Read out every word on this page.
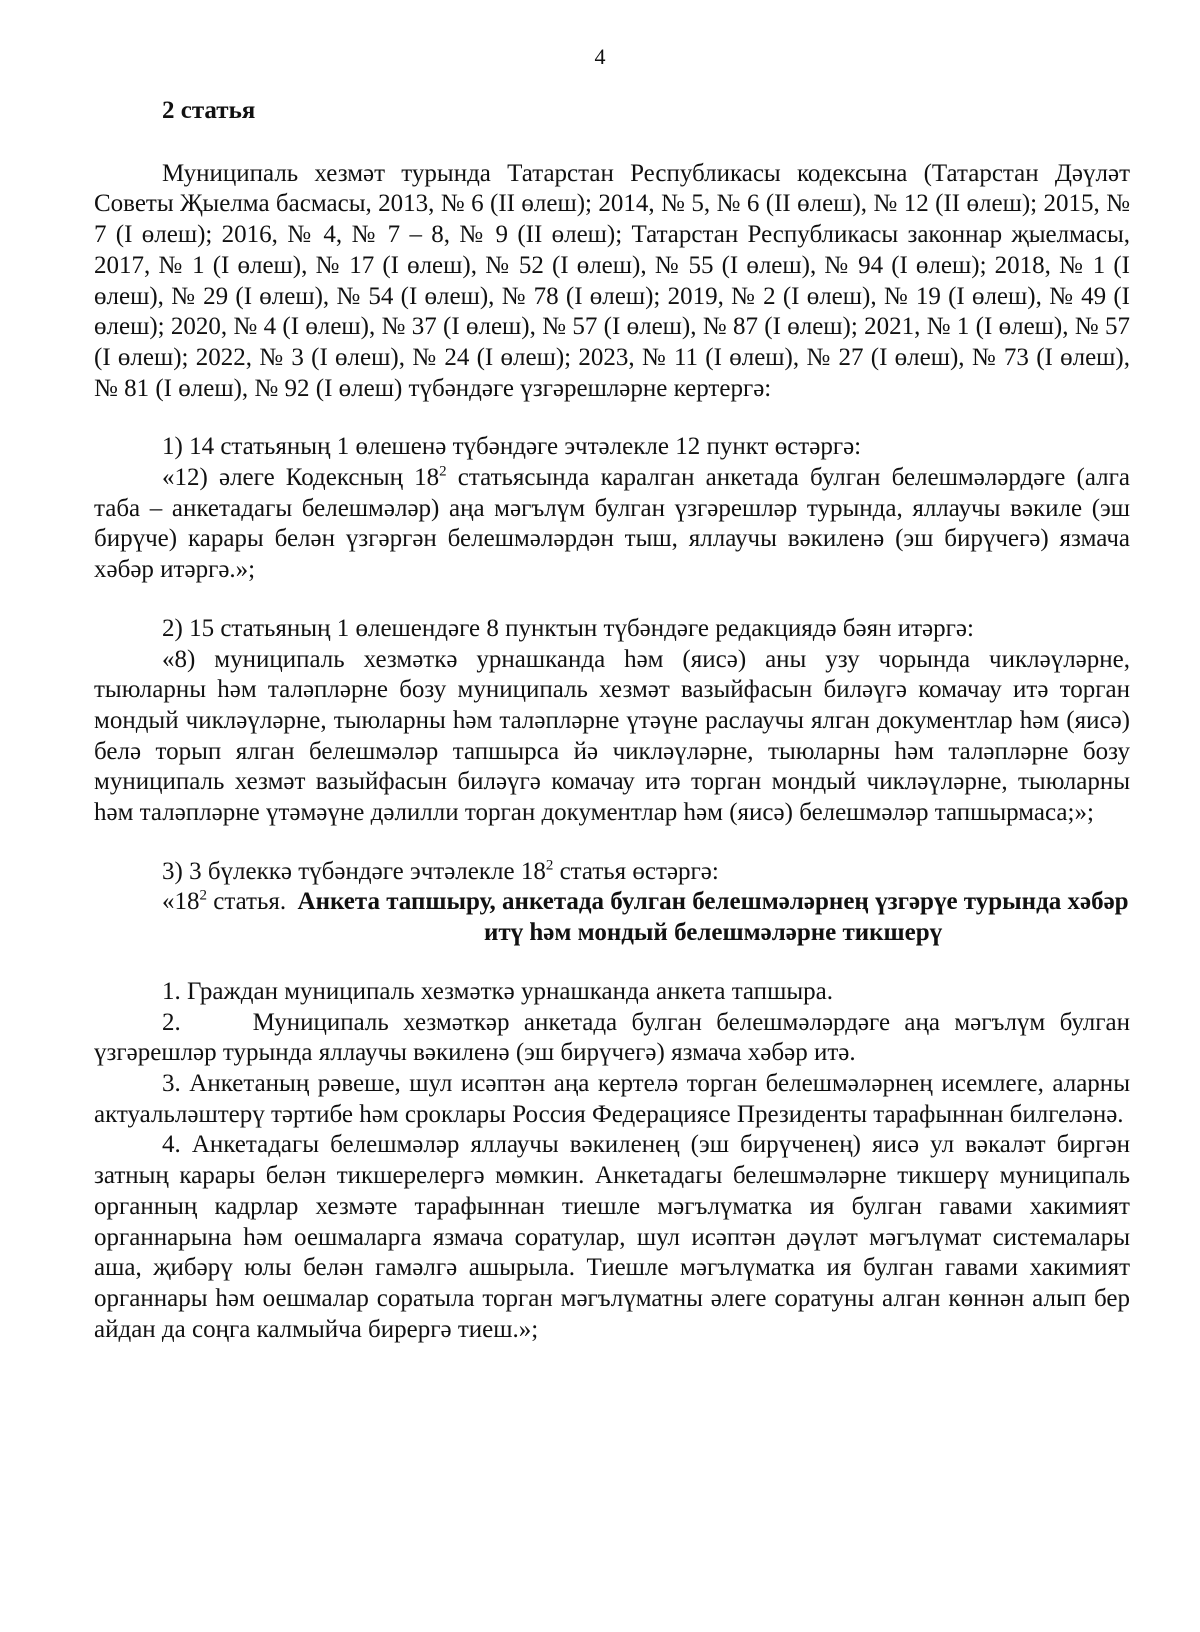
4

2 статья

Муниципаль хезмәт турында Татарстан Республикасы кодексына (Татарстан Дәүләт Советы Җыелма басмасы, 2013, № 6 (II өлеш); 2014, № 5, № 6 (II өлеш), № 12 (II өлеш); 2015, № 7 (I өлеш); 2016, № 4, № 7 – 8, № 9 (II өлеш); Татарстан Республикасы законнар җыелмасы, 2017, № 1 (I өлеш), № 17 (I өлеш), № 52 (I өлеш), № 55 (I өлеш), № 94 (I өлеш); 2018, № 1 (I өлеш), № 29 (I өлеш), № 54 (I өлеш), № 78 (I өлеш); 2019, № 2 (I өлеш), № 19 (I өлеш), № 49 (I өлеш); 2020, № 4 (I өлеш), № 37 (I өлеш), № 57 (I өлеш), № 87 (I өлеш); 2021, № 1 (I өлеш), № 57 (I өлеш); 2022, № 3 (I өлеш), № 24 (I өлеш); 2023, № 11 (I өлеш), № 27 (I өлеш), № 73 (I өлеш), № 81 (I өлеш), № 92 (I өлеш) түбәндәге үзгәрешләрне кертергә:

1) 14 статьяның 1 өлешенә түбәндәге эчтәлекле 12 пункт өстәргә:

«12) әлеге Кодексның $18^2$ статьясында каралган анкетада булган белешмәләрдәге (алга таба – анкетадагы белешмәләр) аңа мәгълүм булган үзгәрешләр турында, яллаучы вәкиле (эш бирүче) карары белән үзгәргән белешмәләрдән тыш, яллаучы вәкиленә (эш бирүчегә) язмача хәбәр итәргә.»;

2) 15 статьяның 1 өлешендәге 8 пунктын түбәндәге редакциядә бәян итәргә:

«8) муниципаль хезмәткә урнашканда һәм (яисә) аны узу чорында чикләүләрне, тыюларны һәм таләпләрне бозу муниципаль хезмәт вазыйфасын биләүгә комачау итә торган мондый чикләүләрне, тыюларны һәм таләпләрне үтәүне раслаучы ялган документлар һәм (яисә) белә торып ялган белешмәләр тапшырса йә чикләүләрне, тыюларны һәм таләпләрне бозу муниципаль хезмәт вазыйфасын биләүгә комачау итә торган мондый чикләүләрне, тыюларны һәм таләпләрне үтәмәүне дәлилли торган документлар һәм (яисә) белешмәләр тапшырмаса;»;

3) 3 бүлеккә түбәндәге эчтәлекле $18^2$ статья өстәргә:

«$18^2$ статья. Анкета тапшыру, анкетада булган белешмәләрнең үзгәрүе турында хәбәр итү һәм мондый белешмәләрне тикшерү

1. Граждан муниципаль хезмәткә урнашканда анкета тапшыра.

2.     Муниципаль хезмәткәр анкетада булган белешмәләрдәге аңа мәгълүм булган үзгәрешләр турында яллаучы вәкиленә (эш бирүчегә) язмача хәбәр итә.

3. Анкетаның рәвеше, шул исәптән аңа кертелә торган белешмәләрнең исемлеге, аларны актуальләштерү тәртибе һәм сроклары Россия Федерациясе Президенты тарафыннан билгеләнә.

4. Анкетадагы белешмәләр яллаучы вәкиленең (эш бирүченең) яисә ул вәкаләт биргән затның карары белән тикшерелергә мөмкин. Анкетадагы белешмәләрне тикшерү муниципаль органның кадрлар хезмәте тарафыннан тиешле мәгълүматка ия булган гавами хакимият органнарына һәм оешмаларга язмача соратулар, шул исәптән дәүләт мәгълүмат системалары аша, җибәрү юлы белән гамәлгә ашырыла. Тиешле мәгълүматка ия булган гавами хакимият органнары һәм оешмалар соратыла торган мәгълүматны әлеге соратуны алган көннән алып бер айдан да соңга калмыйча бирергә тиеш.»;
